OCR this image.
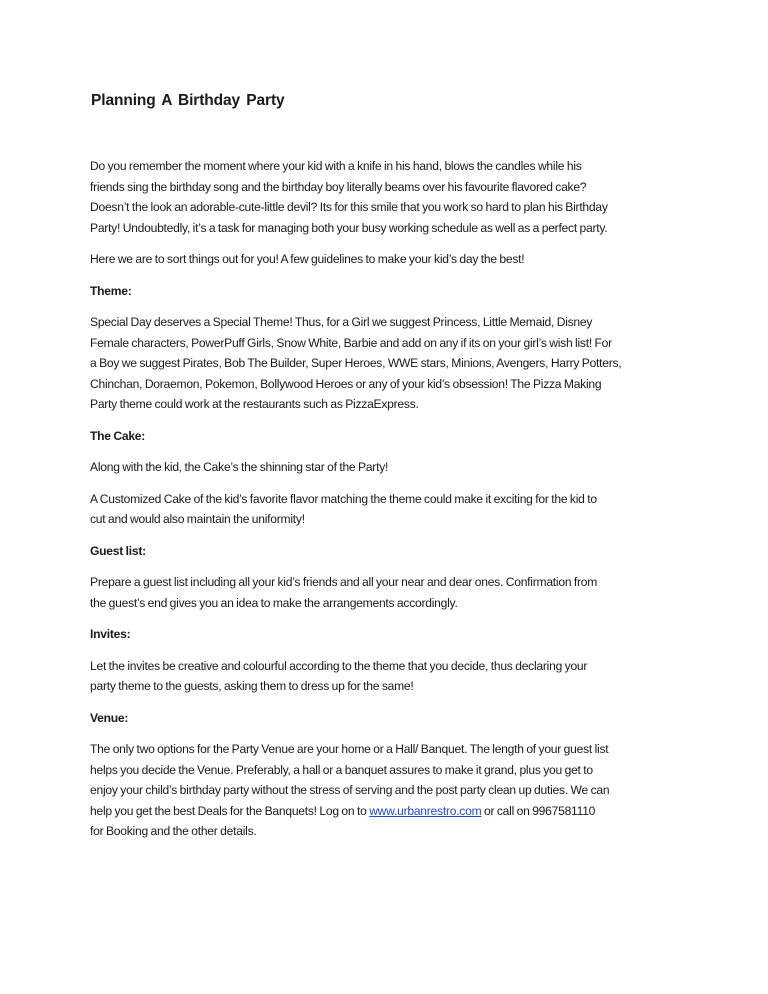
Planning A Birthday Party

Do you remember the moment where your kid with a knife in his hand, blows the candles while his
friends sing the birthday song and the birthday boy literally beams over his favourite flavored cake?
Doesn’t the look an adorable-cute-little devil? Its for this smile that you work so hard to plan his Birthday
Party! Undoubtedly, it’s a task for managing both your busy working schedule as well as a perfect party.

Here we are to sort things out for you! A few guidelines to make your kid’s day the best!

Theme:

Special Day deserves a Special Theme! Thus, for a Girl we suggest Princess, Little Memaid, Disney
Female characters, PowerPuff Girls, Snow White, Barbie and add on any if its on your girl’s wish list! For
a Boy we suggest Pirates, Bob The Builder, Super Heroes, WWE stars, Minions, Avengers, Harry Potters,
Chinchan, Doraemon, Pokemon, Bollywood Heroes or any of your kid’s obsession! The Pizza Making
Party theme could work at the restaurants such as PizzaExpress.

The Cake:

Along with the kid, the Cake’s the shinning star of the Party!

A Customized Cake of the kid’s favorite flavor matching the theme could make it exciting for the kid to
cut and would also maintain the uniformity!

Guest list:

Prepare a guest list including all your kid’s friends and all your near and dear ones. Confirmation from
the guest’s end gives you an idea to make the arrangements accordingly.

Invites:

Let the invites be creative and colourful according to the theme that you decide, thus declaring your
party theme to the guests, asking them to dress up for the same!

Venue:

The only two options for the Party Venue are your home or a Hall/ Banquet. The length of your guest list
helps you decide the Venue. Preferably, a hall or a banquet assures to make it grand, plus you get to
enjoy your child’s birthday party without the stress of serving and the post party clean up duties. We can
help you get the best Deals for the Banquets! Log on to www.urbanrestro.com or call on 9967581110
for Booking and the other details.
